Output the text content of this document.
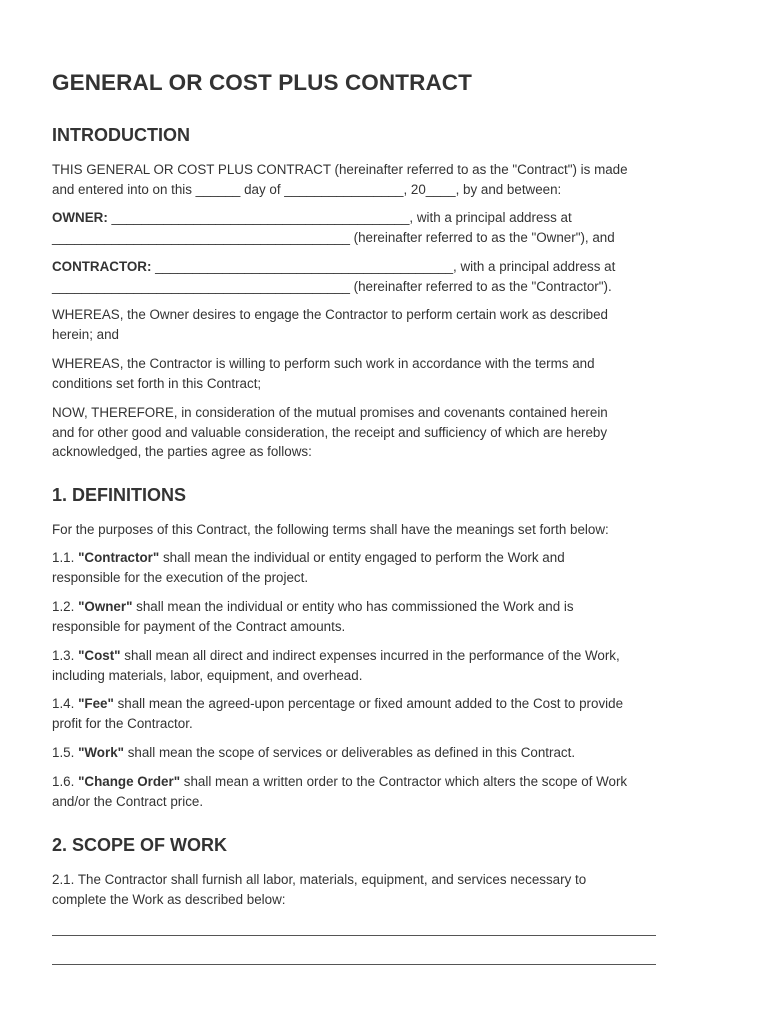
GENERAL OR COST PLUS CONTRACT
INTRODUCTION

THIS GENERAL OR COST PLUS CONTRACT (hereinafter referred to as the "Contract") is made
and entered into on this ______ day of ________________, 20____, by and between:

OWNER: ________________________________________, with a principal address at
________________________________________ (hereinafter referred to as the "Owner"), and

CONTRACTOR: ________________________________________, with a principal address at
________________________________________ (hereinafter referred to as the "Contractor").

WHEREAS, the Owner desires to engage the Contractor to perform certain work as described
herein; and

WHEREAS, the Contractor is willing to perform such work in accordance with the terms and
conditions set forth in this Contract;

NOW, THEREFORE, in consideration of the mutual promises and covenants contained herein
and for other good and valuable consideration, the receipt and sufficiency of which are hereby
acknowledged, the parties agree as follows:

1. DEFINITIONS

For the purposes of this Contract, the following terms shall have the meanings set forth below:

1.1. "Contractor" shall mean the individual or entity engaged to perform the Work and
responsible for the execution of the project.

1.2. "Owner" shall mean the individual or entity who has commissioned the Work and is
responsible for payment of the Contract amounts.

1.3. "Cost" shall mean all direct and indirect expenses incurred in the performance of the Work,
including materials, labor, equipment, and overhead.

1.4. "Fee" shall mean the agreed-upon percentage or fixed amount added to the Cost to provide
profit for the Contractor.

1.5. "Work" shall mean the scope of services or deliverables as defined in this Contract.

1.6. "Change Order" shall mean a written order to the Contractor which alters the scope of Work
and/or the Contract price.

2. SCOPE OF WORK

2.1. The Contractor shall furnish all labor, materials, equipment, and services necessary to
complete the Work as described below:
